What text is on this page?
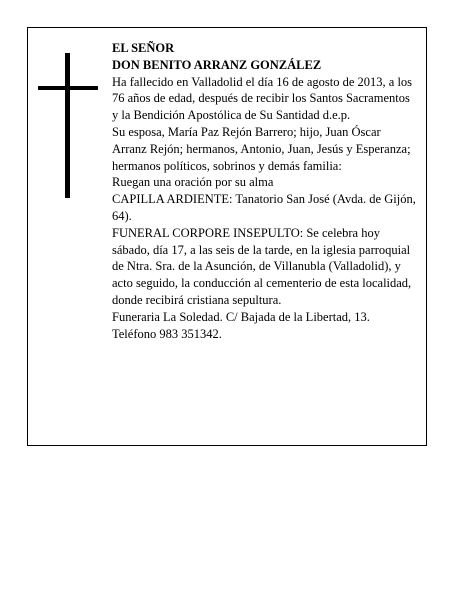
EL SEÑOR

DON BENITO ARRANZ GONZÁLEZ

Ha fallecido en Valladolid el día 16 de agosto de 2013, a los 76 años de edad, después de recibir los Santos Sacramentos y la Bendición Apostólica de Su Santidad d.e.p.

Su esposa, María Paz Rejón Barrero; hijo, Juan Óscar Arranz Rejón; hermanos, Antonio, Juan, Jesús y Esperanza; hermanos políticos, sobrinos y demás familia:

Ruegan una oración por su alma

CAPILLA ARDIENTE: Tanatorio San José (Avda. de Gijón, 64).

FUNERAL CORPORE INSEPULTO: Se celebra hoy sábado, día 17, a las seis de la tarde, en la iglesia parroquial de Ntra. Sra. de la Asunción, de Villanubla (Valladolid), y acto seguido, la conducción al cementerio de esta localidad, donde recibirá cristiana sepultura.

Funeraria La Soledad. C/ Bajada de la Libertad, 13. Teléfono 983 351342.
